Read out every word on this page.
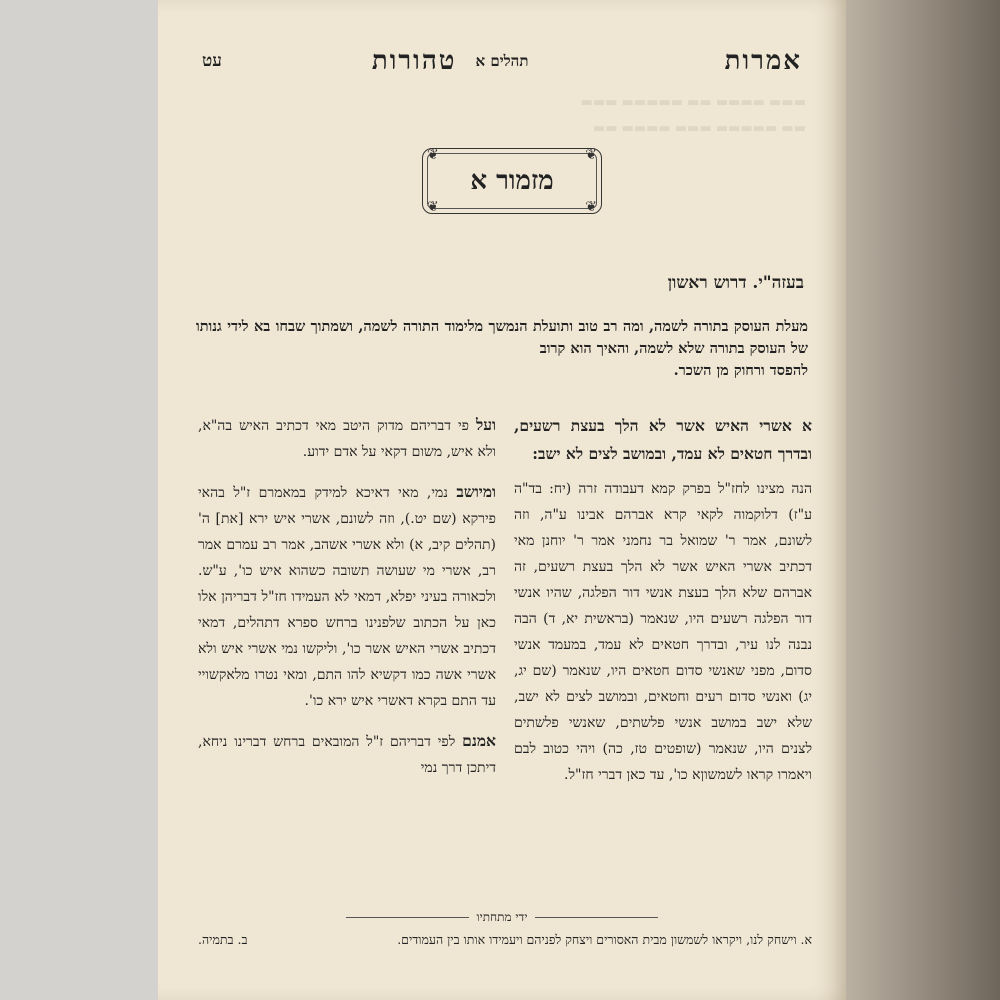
▬▬▬ ▬▬▬▬ ▬▬ ▬▬▬▬▬ ▬▬▬
▬▬ ▬▬▬▬▬ ▬▬▬ ▬▬▬▬ ▬▬
אמרות
תהלים א
טהורות
עט
❦
❦
❦
❦
מזמור א
בעזה"י. דרוש ראשון
מעלת העוסק בתורה לשמה, ומה רב טוב ותועלת הנמשך מלימוד התורה לשמה, ושמתוך שבחו בא לידי גנותו של העוסק בתורה שלא לשמה, והאיך הוא קרוב
להפסד ורחוק מן השכר.
א אשרי האיש אשר לא הלך בעצת רשעים, ובדרך חטאים לא עמד, ובמושב לצים לא ישב:
הנה מצינו לחז"ל בפרק קמא דעבודה זרה (יח: בד"ה ע"ז) דלוקמוה לקאי קרא אברהם אבינו ע"ה, וזה לשונם, אמר ר' שמואל בר נחמני אמר ר' יוחנן מאי דכתיב אשרי האיש אשר לא הלך בעצת רשעים, זה אברהם שלא הלך בעצת אנשי דור הפלגה, שהיו אנשי דור הפלגה רשעים היו, שנאמר (בראשית יא, ד) הבה נבנה לנו עיר, ובדרך חטאים לא עמד, במעמד אנשי סדום, מפני שאנשי סדום חטאים היו, שנאמר (שם יג, יג) ואנשי סדום רעים וחטאים, ובמושב לצים לא ישב, שלא ישב במושב אנשי פלשתים, שאנשי פלשתים לצנים היו, שנאמר (שופטים טז, כה) ויהי כטוב לבם ויאמרו קראו לשמשוןא כו', עד כאן דברי חז"ל.

ועל פי דבריהם מדוק היטב מאי דכתיב האיש בה"א, ולא איש, משום דקאי על אדם ידוע.

ומיושב נמי, מאי דאיכא למידק במאמרם ז"ל בהאי פירקא (שם יט.), וזה לשונם, אשרי איש ירא [את] ה' (תהלים קיב, א) ולא אשרי אשהב, אמר רב עמרם אמר רב, אשרי מי שעושה תשובה כשהוא איש כו', ע"ש. ולכאורה בעיני יפלא, דמאי לא העמידו חז"ל דבריהן אלו כאן על הכתוב שלפנינו ברחש ספרא דתהלים, דמאי דכתיב אשרי האיש אשר כו', וליקשו נמי אשרי איש ולא אשרי אשה כמו דקשיא להו התם, ומאי נטרו מלאקשויי עד התם בקרא דאשרי איש ירא כו'.

אמנם לפי דבריהם ז"ל המובאים ברחש דברינו ניחא, דיתכן דרך נמי

ידי מתחתיו
א. וישחק לנו, ויקראו לשמשון מבית האסורים ויצחק לפניהם ויעמידו אותו בין העמודים.
ב. בתמיה.
